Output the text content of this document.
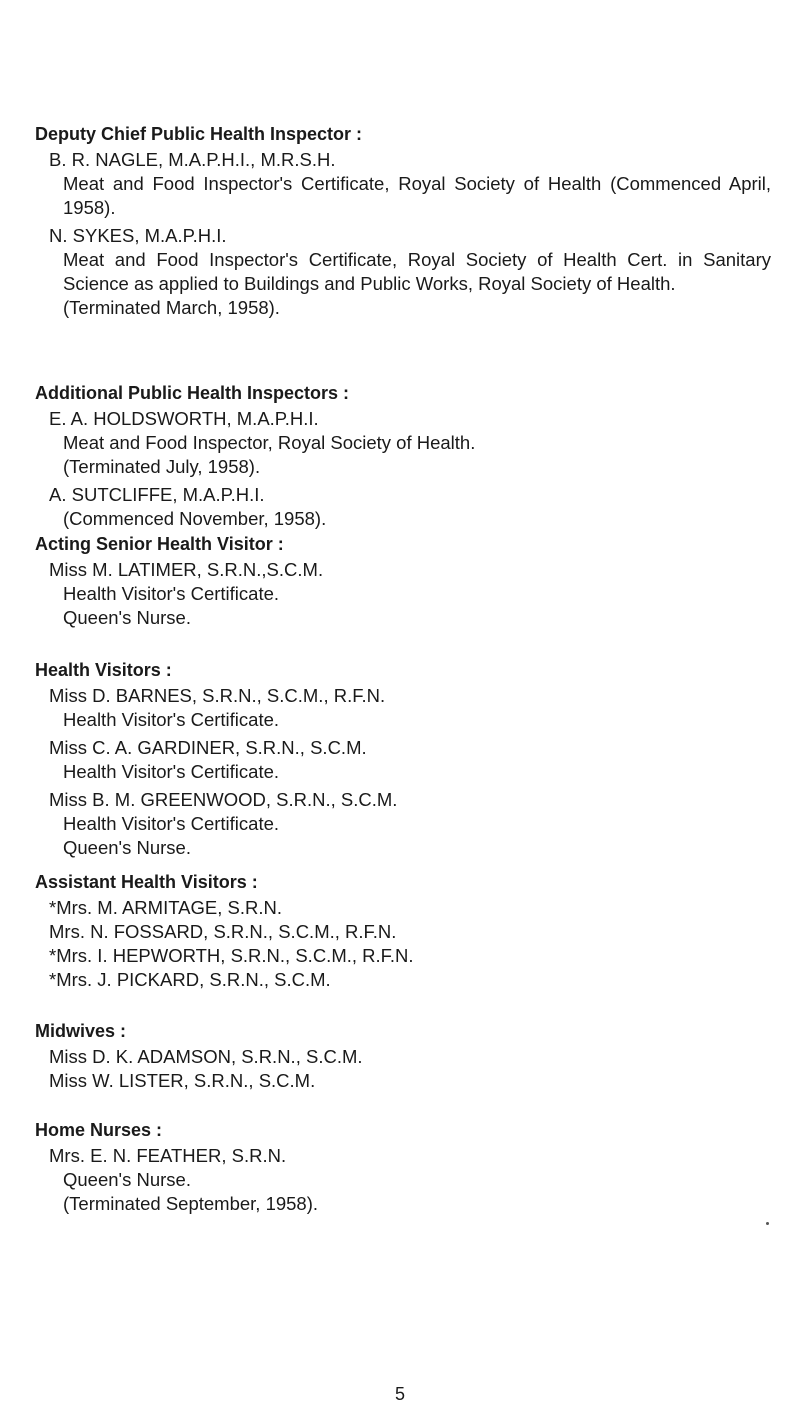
Deputy Chief Public Health Inspector :
B. R. NAGLE, M.A.P.H.I., M.R.S.H.
Meat and Food Inspector's Certificate, Royal Society of Health (Commenced April, 1958).
N. SYKES, M.A.P.H.I.
Meat and Food Inspector's Certificate, Royal Society of Health Cert. in Sanitary Science as applied to Buildings and Public Works, Royal Society of Health.
(Terminated March, 1958).
Additional Public Health Inspectors :
E. A. HOLDSWORTH, M.A.P.H.I.
Meat and Food Inspector, Royal Society of Health.
(Terminated July, 1958).
A. SUTCLIFFE, M.A.P.H.I.
(Commenced November, 1958).
Acting Senior Health Visitor :
Miss M. LATIMER, S.R.N.,S.C.M.
Health Visitor's Certificate.
Queen's Nurse.
Health Visitors :
Miss D. BARNES, S.R.N., S.C.M., R.F.N.
Health Visitor's Certificate.
Miss C. A. GARDINER, S.R.N., S.C.M.
Health Visitor's Certificate.
Miss B. M. GREENWOOD, S.R.N., S.C.M.
Health Visitor's Certificate.
Queen's Nurse.
Assistant Health Visitors :
*Mrs. M. ARMITAGE, S.R.N.
Mrs. N. FOSSARD, S.R.N., S.C.M., R.F.N.
*Mrs. I. HEPWORTH, S.R.N., S.C.M., R.F.N.
*Mrs. J. PICKARD, S.R.N., S.C.M.
Midwives :
Miss D. K. ADAMSON, S.R.N., S.C.M.
Miss W. LISTER, S.R.N., S.C.M.
Home Nurses :
Mrs. E. N. FEATHER, S.R.N.
Queen's Nurse.
(Terminated September, 1958).
5
